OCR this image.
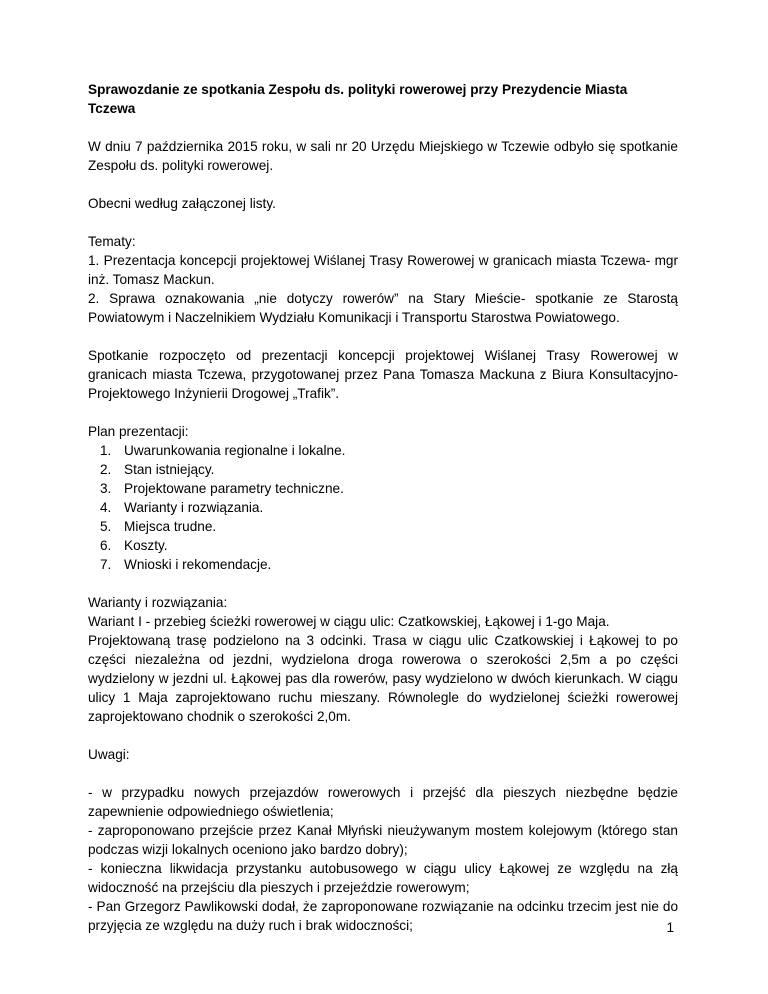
Sprawozdanie ze spotkania Zespołu ds. polityki rowerowej przy Prezydencie Miasta Tczewa

W dniu 7 października 2015 roku, w sali nr 20 Urzędu Miejskiego w Tczewie odbyło się spotkanie Zespołu ds. polityki rowerowej.

Obecni według załączonej listy.

Tematy:
1. Prezentacja koncepcji projektowej Wiślanej Trasy Rowerowej w granicach miasta Tczewa- mgr inż. Tomasz Mackun.
2. Sprawa oznakowania „nie dotyczy rowerów” na Stary Mieście- spotkanie ze Starostą Powiatowym i Naczelnikiem Wydziału Komunikacji i Transportu Starostwa Powiatowego.

Spotkanie rozpoczęto od prezentacji koncepcji projektowej Wiślanej Trasy Rowerowej w granicach miasta Tczewa, przygotowanej przez Pana Tomasza Mackuna z Biura Konsultacyjno-Projektowego Inżynierii Drogowej „Trafik”.

Plan prezentacji:
1. Uwarunkowania regionalne i lokalne.
2. Stan istniejący.
3. Projektowane parametry techniczne.
4. Warianty i rozwiązania.
5. Miejsca trudne.
6. Koszty.
7. Wnioski i rekomendacje.
Warianty i rozwiązania:
Wariant I - przebieg ścieżki rowerowej w ciągu ulic: Czatkowskiej, Łąkowej i 1-go Maja.
Projektowaną trasę podzielono na 3 odcinki. Trasa w ciągu ulic Czatkowskiej i Łąkowej to po części niezależna od jezdni, wydzielona droga rowerowa o szerokości 2,5m a po części wydzielony w jezdni ul. Łąkowej pas dla rowerów, pasy wydzielono w dwóch kierunkach. W ciągu ulicy 1 Maja zaprojektowano ruchu mieszany. Równolegle do wydzielonej ścieżki rowerowej zaprojektowano chodnik o szerokości 2,0m.

Uwagi:

- w przypadku nowych przejazdów rowerowych i przejść dla pieszych niezbędne będzie zapewnienie odpowiedniego oświetlenia;
- zaproponowano przejście przez Kanał Młyński nieużywanym mostem kolejowym (którego stan podczas wizji lokalnych oceniono jako bardzo dobry);
- konieczna likwidacja przystanku autobusowego w ciągu ulicy Łąkowej ze względu na złą widoczność na przejściu dla pieszych i przejeździe rowerowym;
- Pan Grzegorz Pawlikowski dodał, że zaproponowane rozwiązanie na odcinku trzecim jest nie do przyjęcia ze względu na duży ruch i brak widoczności;	1
